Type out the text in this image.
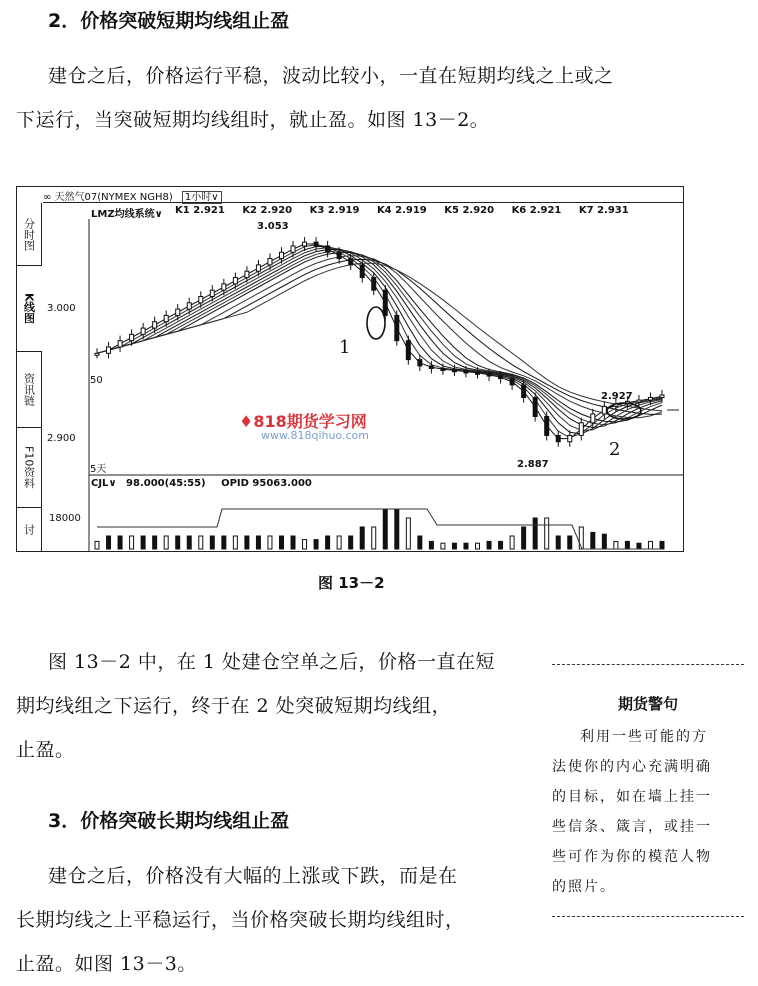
2．价格突破短期均线组止盈
建仓之后，价格运行平稳，波动比较小，一直在短期均线之上或之
下运行，当突破短期均线组时，就止盈。如图 13－2。
分时图
K线图
资讯链
F10资料
讨
∞ 天然气07(NYMEX NGH8) 1小时∨
LMZ均线系统∨ K1 2.921 K2 2.920 K3 2.919 K4 2.919 K5 2.920 K6 2.921 K7 2.931
3.000
2.900
50
5天
3.053
2.887
2.927
1
2
♦818期货学习网
www.818qihuo.com
CJL∨ 98.000(45:55) OPID 95063.000
18000
图 13－2
图 13－2 中，在 1 处建仓空单之后，价格一直在短
期均线组之下运行，终于在 2 处突破短期均线组，
止盈。
3．价格突破长期均线组止盈
建仓之后，价格没有大幅的上涨或下跌，而是在
长期均线之上平稳运行，当价格突破长期均线组时，
止盈。如图 13－3。
期货警句
利用一些可能的方
法使你的内心充满明确
的目标，如在墙上挂一
些信条、箴言，或挂一
些可作为你的模范人物
的照片。
